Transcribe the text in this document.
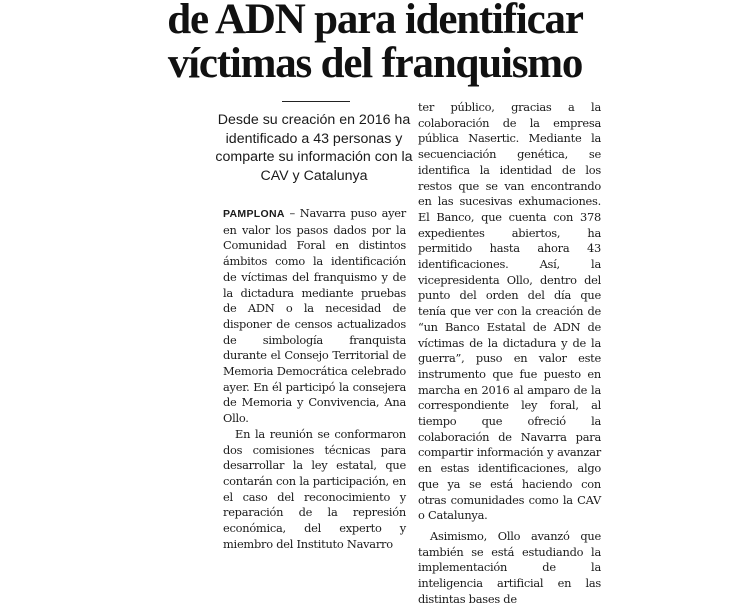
de ADN para identificar
víctimas del franquismo
Desde su creación en 2016 ha identificado a 43 personas y comparte su información con la CAV y Catalunya

PAMPLONA – Navarra puso ayer en valor los pasos dados por la Comunidad Foral en distintos ámbitos como la identificación de víctimas del franquismo y de la dictadura mediante pruebas de ADN o la necesidad de disponer de censos actualizados de simbología franquista durante el Consejo Territorial de Memoria Democrática celebrado ayer. En él participó la consejera de Memoria y Convivencia, Ana Ollo.

En la reunión se conformaron dos comisiones técnicas para desarrollar la ley estatal, que contarán con la participación, en el caso del reconocimiento y reparación de la represión económica, del experto y miembro del Instituto Navarro

ter público, gracias a la colaboración de la empresa pública Nasertic. Mediante la secuenciación genética, se identifica la identidad de los restos que se van encontrando en las sucesivas exhumaciones. El Banco, que cuenta con 378 expedientes abiertos, ha permitido hasta ahora 43 identificaciones. Así, la vicepresidenta Ollo, dentro del punto del orden del día que tenía que ver con la creación de “un Banco Estatal de ADN de víctimas de la dictadura y de la guerra”, puso en valor este instrumento que fue puesto en marcha en 2016 al amparo de la correspondiente ley foral, al tiempo que ofreció la colaboración de Navarra para compartir información y avanzar en estas identificaciones, algo que ya se está haciendo con otras comunidades como la CAV o Catalunya.

Asimismo, Ollo avanzó que también se está estudiando la implementación de la inteligencia artificial en las distintas bases de
